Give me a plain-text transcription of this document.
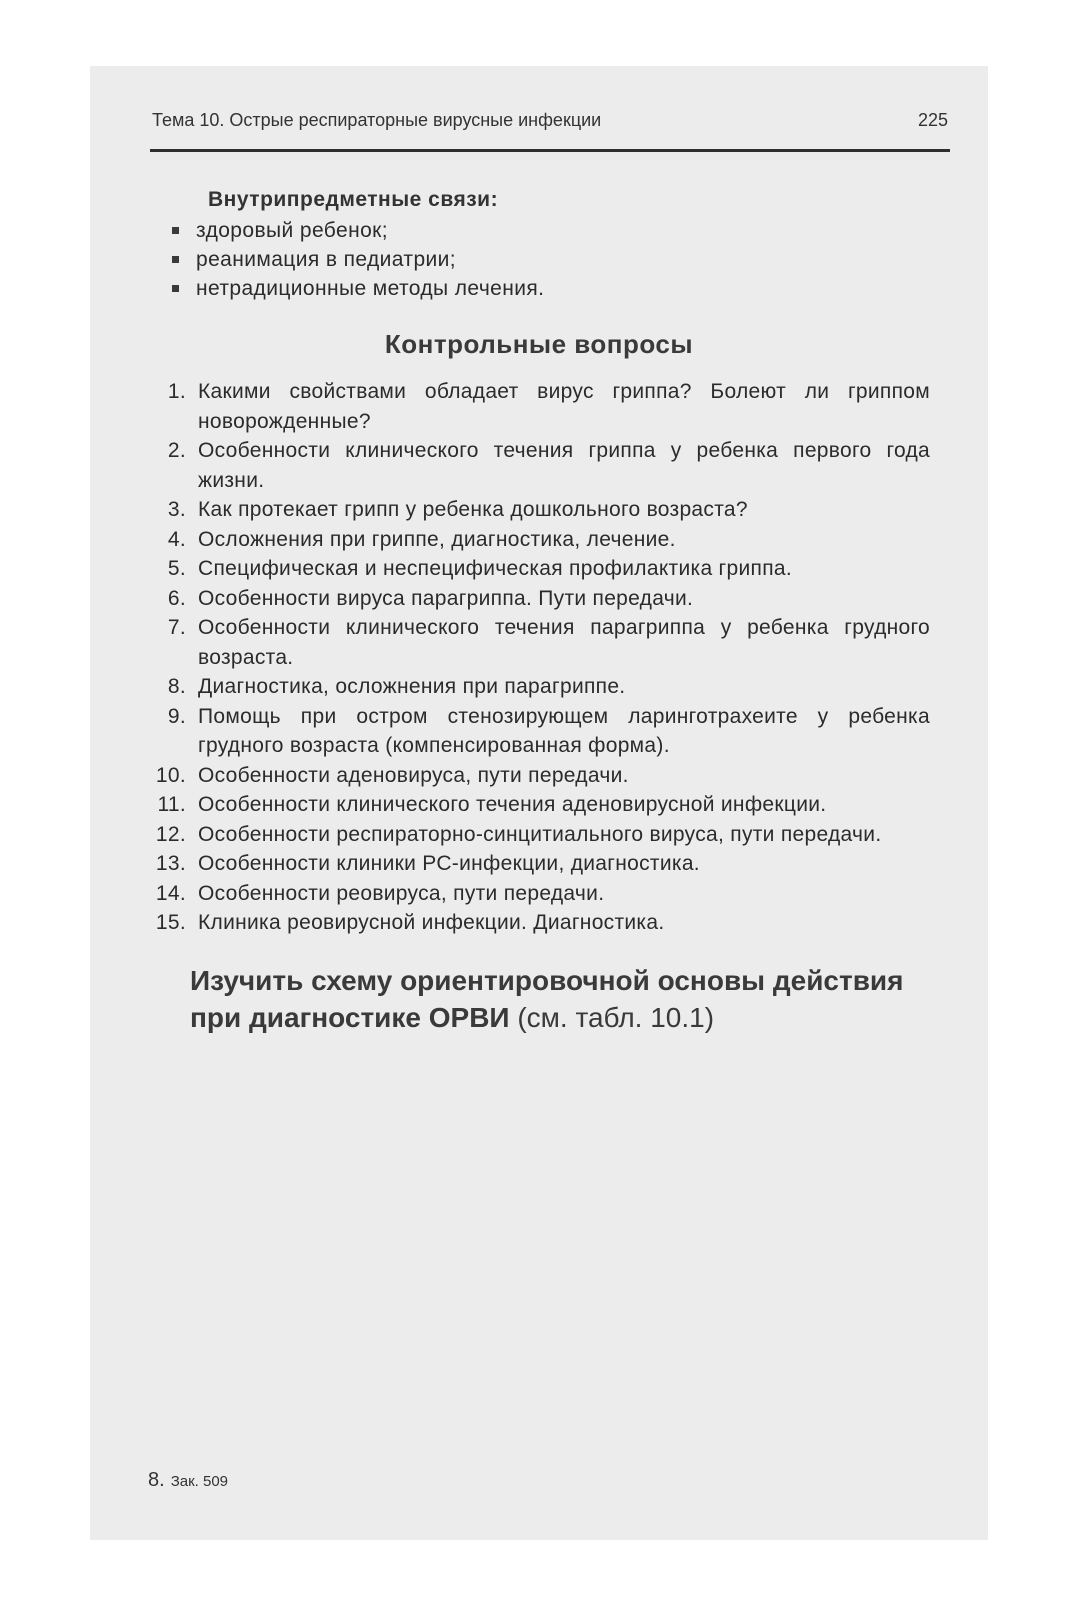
Тема 10. Острые респираторные вирусные инфекции	225
Внутрипредметные связи:
здоровый ребенок;
реанимация в педиатрии;
нетрадиционные методы лечения.
Контрольные вопросы
1. Какими свойствами обладает вирус гриппа? Болеют ли гриппом новорожденные?
2. Особенности клинического течения гриппа у ребенка первого года жизни.
3. Как протекает грипп у ребенка дошкольного возраста?
4. Осложнения при гриппе, диагностика, лечение.
5. Специфическая и неспецифическая профилактика гриппа.
6. Особенности вируса парагриппа. Пути передачи.
7. Особенности клинического течения парагриппа у ребенка грудного возраста.
8. Диагностика, осложнения при парагриппе.
9. Помощь при остром стенозирующем ларинготрахеите у ребенка грудного возраста (компенсированная форма).
10. Особенности аденовируса, пути передачи.
11. Особенности клинического течения аденовирусной инфекции.
12. Особенности респираторно-синцитиального вируса, пути передачи.
13. Особенности клиники РС-инфекции, диагностика.
14. Особенности реовируса, пути передачи.
15. Клиника реовирусной инфекции. Диагностика.
Изучить схему ориентировочной основы действия при диагностике ОРВИ (см. табл. 10.1)
8. Зак. 509
